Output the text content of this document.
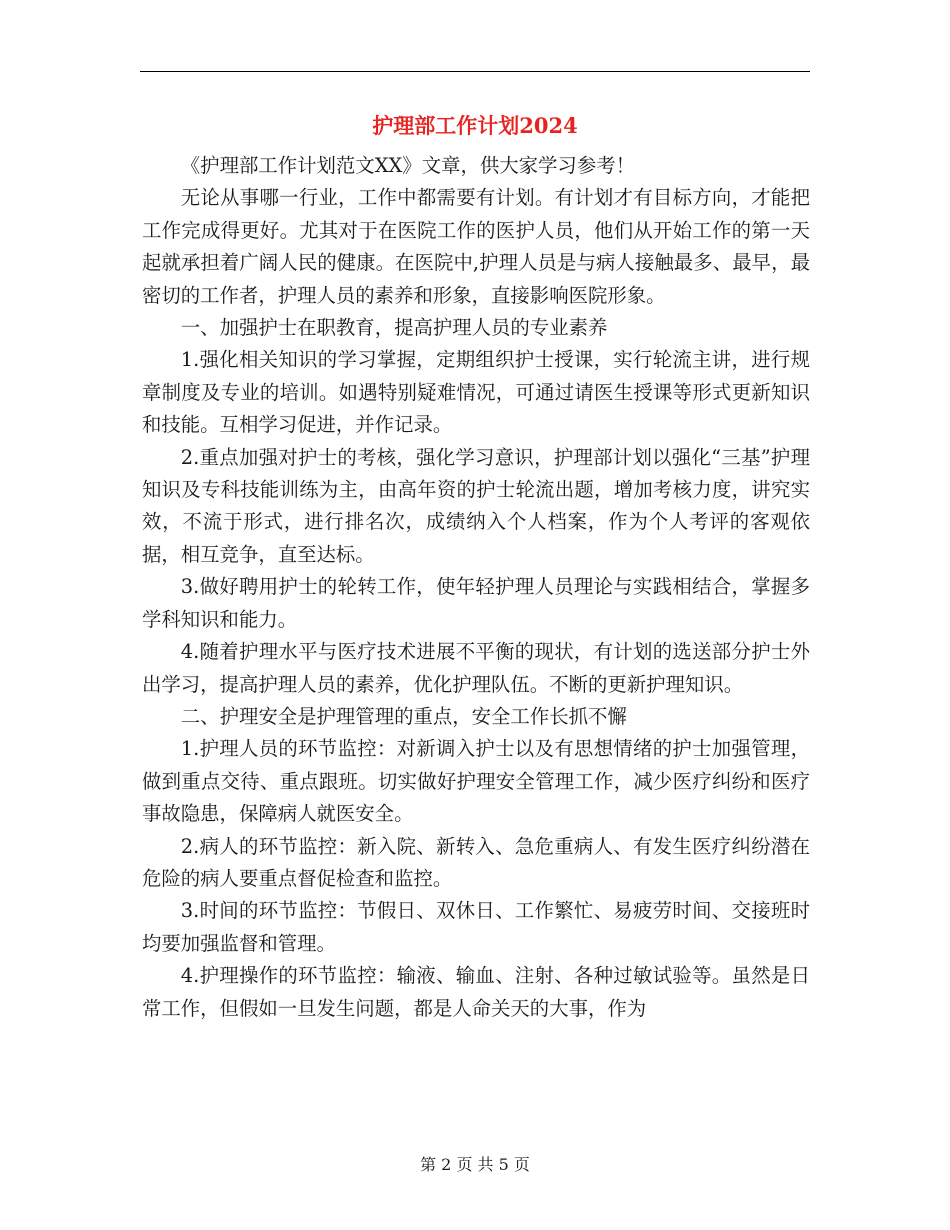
护理部工作计划2024

《护理部工作计划范文XX》文章，供大家学习参考！

无论从事哪一行业，工作中都需要有计划。有计划才有目标方向，才能把工作完成得更好。尤其对于在医院工作的医护人员，他们从开始工作的第一天起就承担着广阔人民的健康。在医院中,护理人员是与病人接触最多、最早，最密切的工作者，护理人员的素养和形象，直接影响医院形象。

一、加强护士在职教育，提高护理人员的专业素养

1.强化相关知识的学习掌握，定期组织护士授课，实行轮流主讲，进行规章制度及专业的培训。如遇特别疑难情况，可通过请医生授课等形式更新知识和技能。互相学习促进，并作记录。

2.重点加强对护士的考核，强化学习意识，护理部计划以强化“三基”护理知识及专科技能训练为主，由高年资的护士轮流出题，增加考核力度，讲究实效，不流于形式，进行排名次，成绩纳入个人档案，作为个人考评的客观依据，相互竞争，直至达标。

3.做好聘用护士的轮转工作，使年轻护理人员理论与实践相结合，掌握多学科知识和能力。

4.随着护理水平与医疗技术进展不平衡的现状，有计划的选送部分护士外出学习，提高护理人员的素养，优化护理队伍。不断的更新护理知识。

二、护理安全是护理管理的重点，安全工作长抓不懈

1.护理人员的环节监控：对新调入护士以及有思想情绪的护士加强管理，做到重点交待、重点跟班。切实做好护理安全管理工作，减少医疗纠纷和医疗事故隐患，保障病人就医安全。

2.病人的环节监控：新入院、新转入、急危重病人、有发生医疗纠纷潜在危险的病人要重点督促检查和监控。

3.时间的环节监控：节假日、双休日、工作繁忙、易疲劳时间、交接班时均要加强监督和管理。

4.护理操作的环节监控：输液、输血、注射、各种过敏试验等。虽然是日常工作，但假如一旦发生问题，都是人命关天的大事，作为

第 2 页 共 5 页
